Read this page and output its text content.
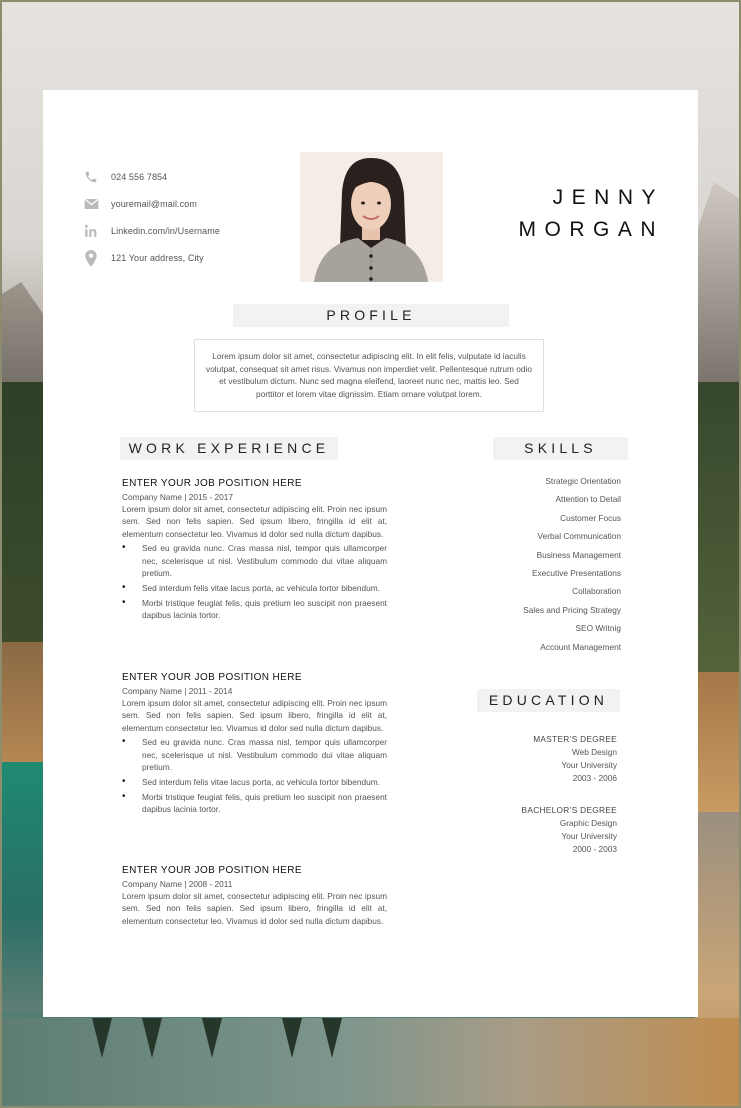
024 556 7854
youremail@mail.com
Linkedin.com/in/Username
121 Your address, City
JENNY
MORGAN
PROFILE
Lorem ipsum dolor sit amet, consectetur adipiscing elit. In elit felis, vulputate id iaculis volutpat, consequat sit amet risus. Vivamus non imperdiet velit. Pellentesque rutrum odio et vestibulum dictum. Nunc sed magna eleifend, laoreet nunc nec, mattis leo. Sed porttitor et lorem vitae dignissim. Etiam ornare volutpat lorem.
WORK EXPERIENCE
ENTER YOUR JOB POSITION HERE
Company Name | 2015 - 2017
Lorem ipsum dolor sit amet, consectetur adipiscing elit. Proin nec ipsum sem. Sed non felis sapien. Sed ipsum libero, fringilla id elit at, elementum consectetur leo. Vivamus id dolor sed nulla dictum dapibus.
• Sed eu gravida nunc. Cras massa nisl, tempor quis ullamcorper nec, scelerisque ut nisl. Vestibulum commodo dui vitae aliquam pretium.
• Sed interdum felis vitae lacus porta, ac vehicula tortor bibendum.
• Morbi tristique feugiat felis, quis pretium leo suscipit non praesent dapibus lacinia tortor.
ENTER YOUR JOB POSITION HERE
Company Name | 2011 - 2014
Lorem ipsum dolor sit amet, consectetur adipiscing elit. Proin nec ipsum sem. Sed non felis sapien. Sed ipsum libero, fringilla id elit at, elementum consectetur leo. Vivamus id dolor sed nulla dictum dapibus.
• Sed eu gravida nunc. Cras massa nisl, tempor quis ullamcorper nec, scelerisque ut nisl. Vestibulum commodo dui vitae aliquam pretium.
• Sed interdum felis vitae lacus porta, ac vehicula tortor bibendum.
• Morbi tristique feugiat felis, quis pretium leo suscipit non praesent dapibus lacinia tortor.
ENTER YOUR JOB POSITION HERE
Company Name | 2008 - 2011
Lorem ipsum dolor sit amet, consectetur adipiscing elit. Proin nec ipsum sem. Sed non felis sapien. Sed ipsum libero, fringilla id elit at, elementum consectetur leo. Vivamus id dolor sed nulla dictum dapibus.
SKILLS
Strategic Orientation
Attention to Detail
Customer Focus
Verbal Communication
Business Management
Executive Presentations
Collaboration
Sales and Pricing Strategy
SEO Writnig
Account Management
EDUCATION
MASTER’S DEGREE
Web Design
Your University
2003 - 2006
BACHELOR’S DEGREE
Graphic Design
Your University
2000 - 2003
